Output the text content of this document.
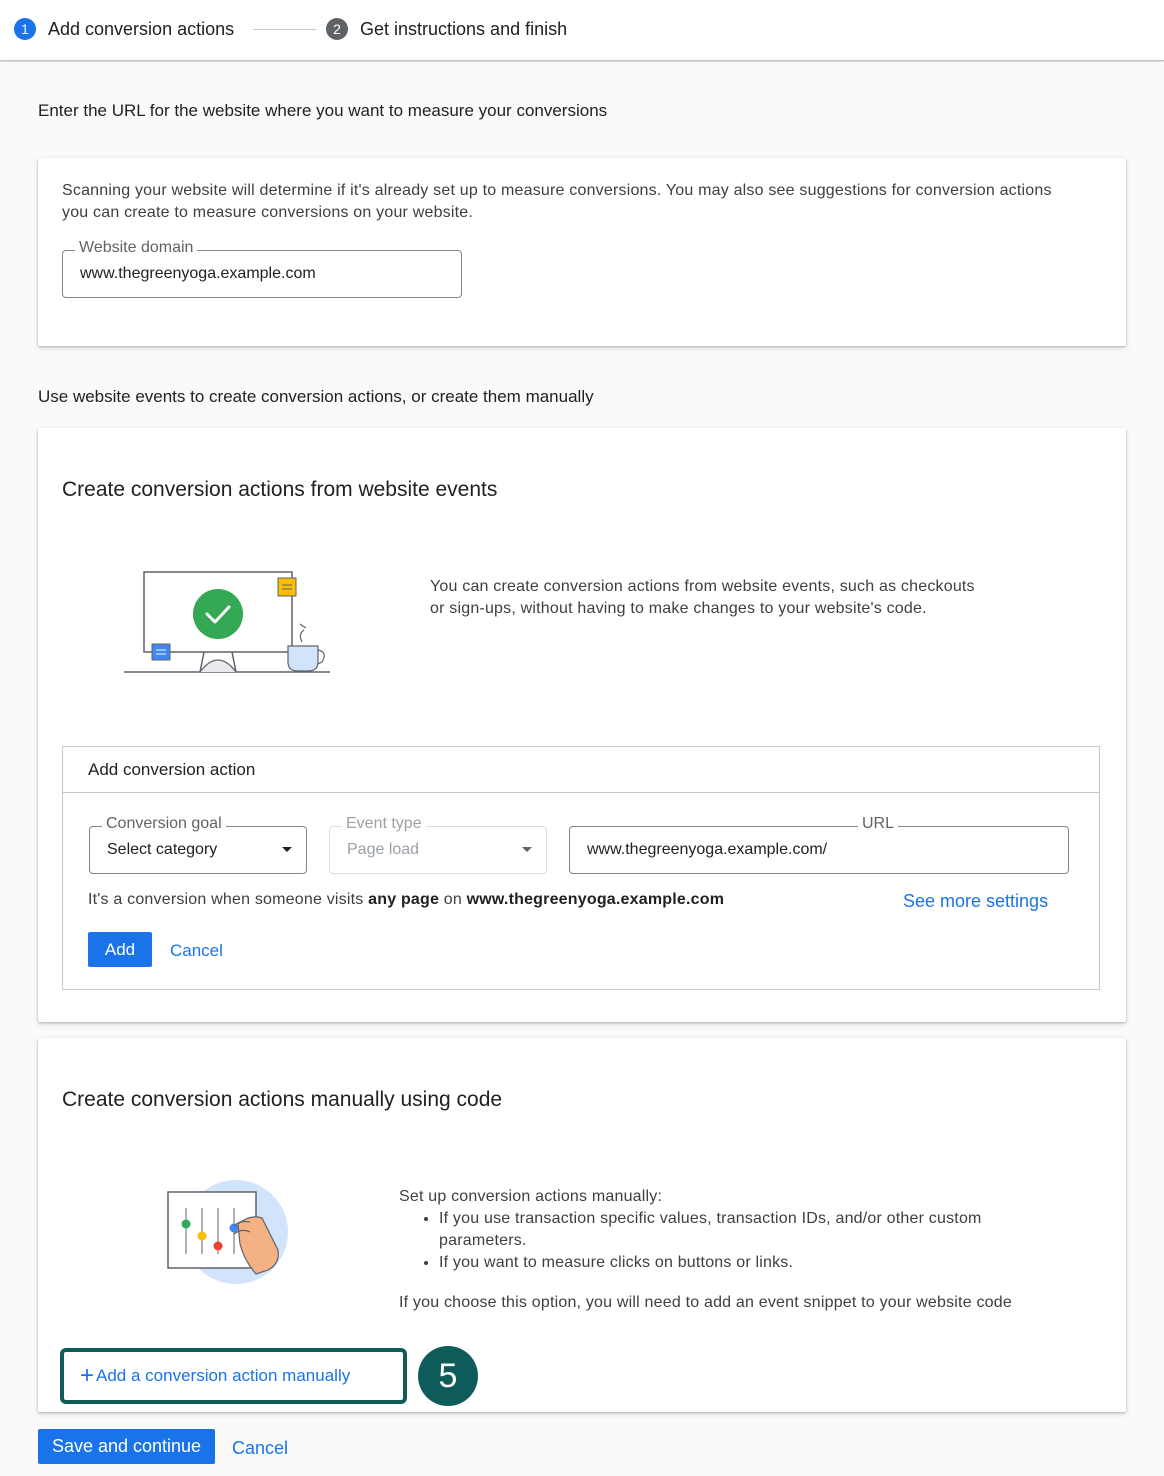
1	Add conversion actions	2	Get instructions and finish
Enter the URL for the website where you want to measure your conversions
Scanning your website will determine if it's already set up to measure conversions. You may also see suggestions for conversion actions you can create to measure conversions on your website.
Website domain
www.thegreenyoga.example.com
Use website events to create conversion actions, or create them manually
Create conversion actions from website events
You can create conversion actions from website events, such as checkouts or sign-ups, without having to make changes to your website's code.
Add conversion action
Conversion goal
Select category
Event type
Page load
URL
www.thegreenyoga.example.com/
It's a conversion when someone visits any page on www.thegreenyoga.example.com	See more settings
Add	Cancel
Create conversion actions manually using code
Set up conversion actions manually:
• If you use transaction specific values, transaction IDs, and/or other custom parameters.
• If you want to measure clicks on buttons or links.
If you choose this option, you will need to add an event snippet to your website code
+ Add a conversion action manually	5
Save and continue	Cancel
